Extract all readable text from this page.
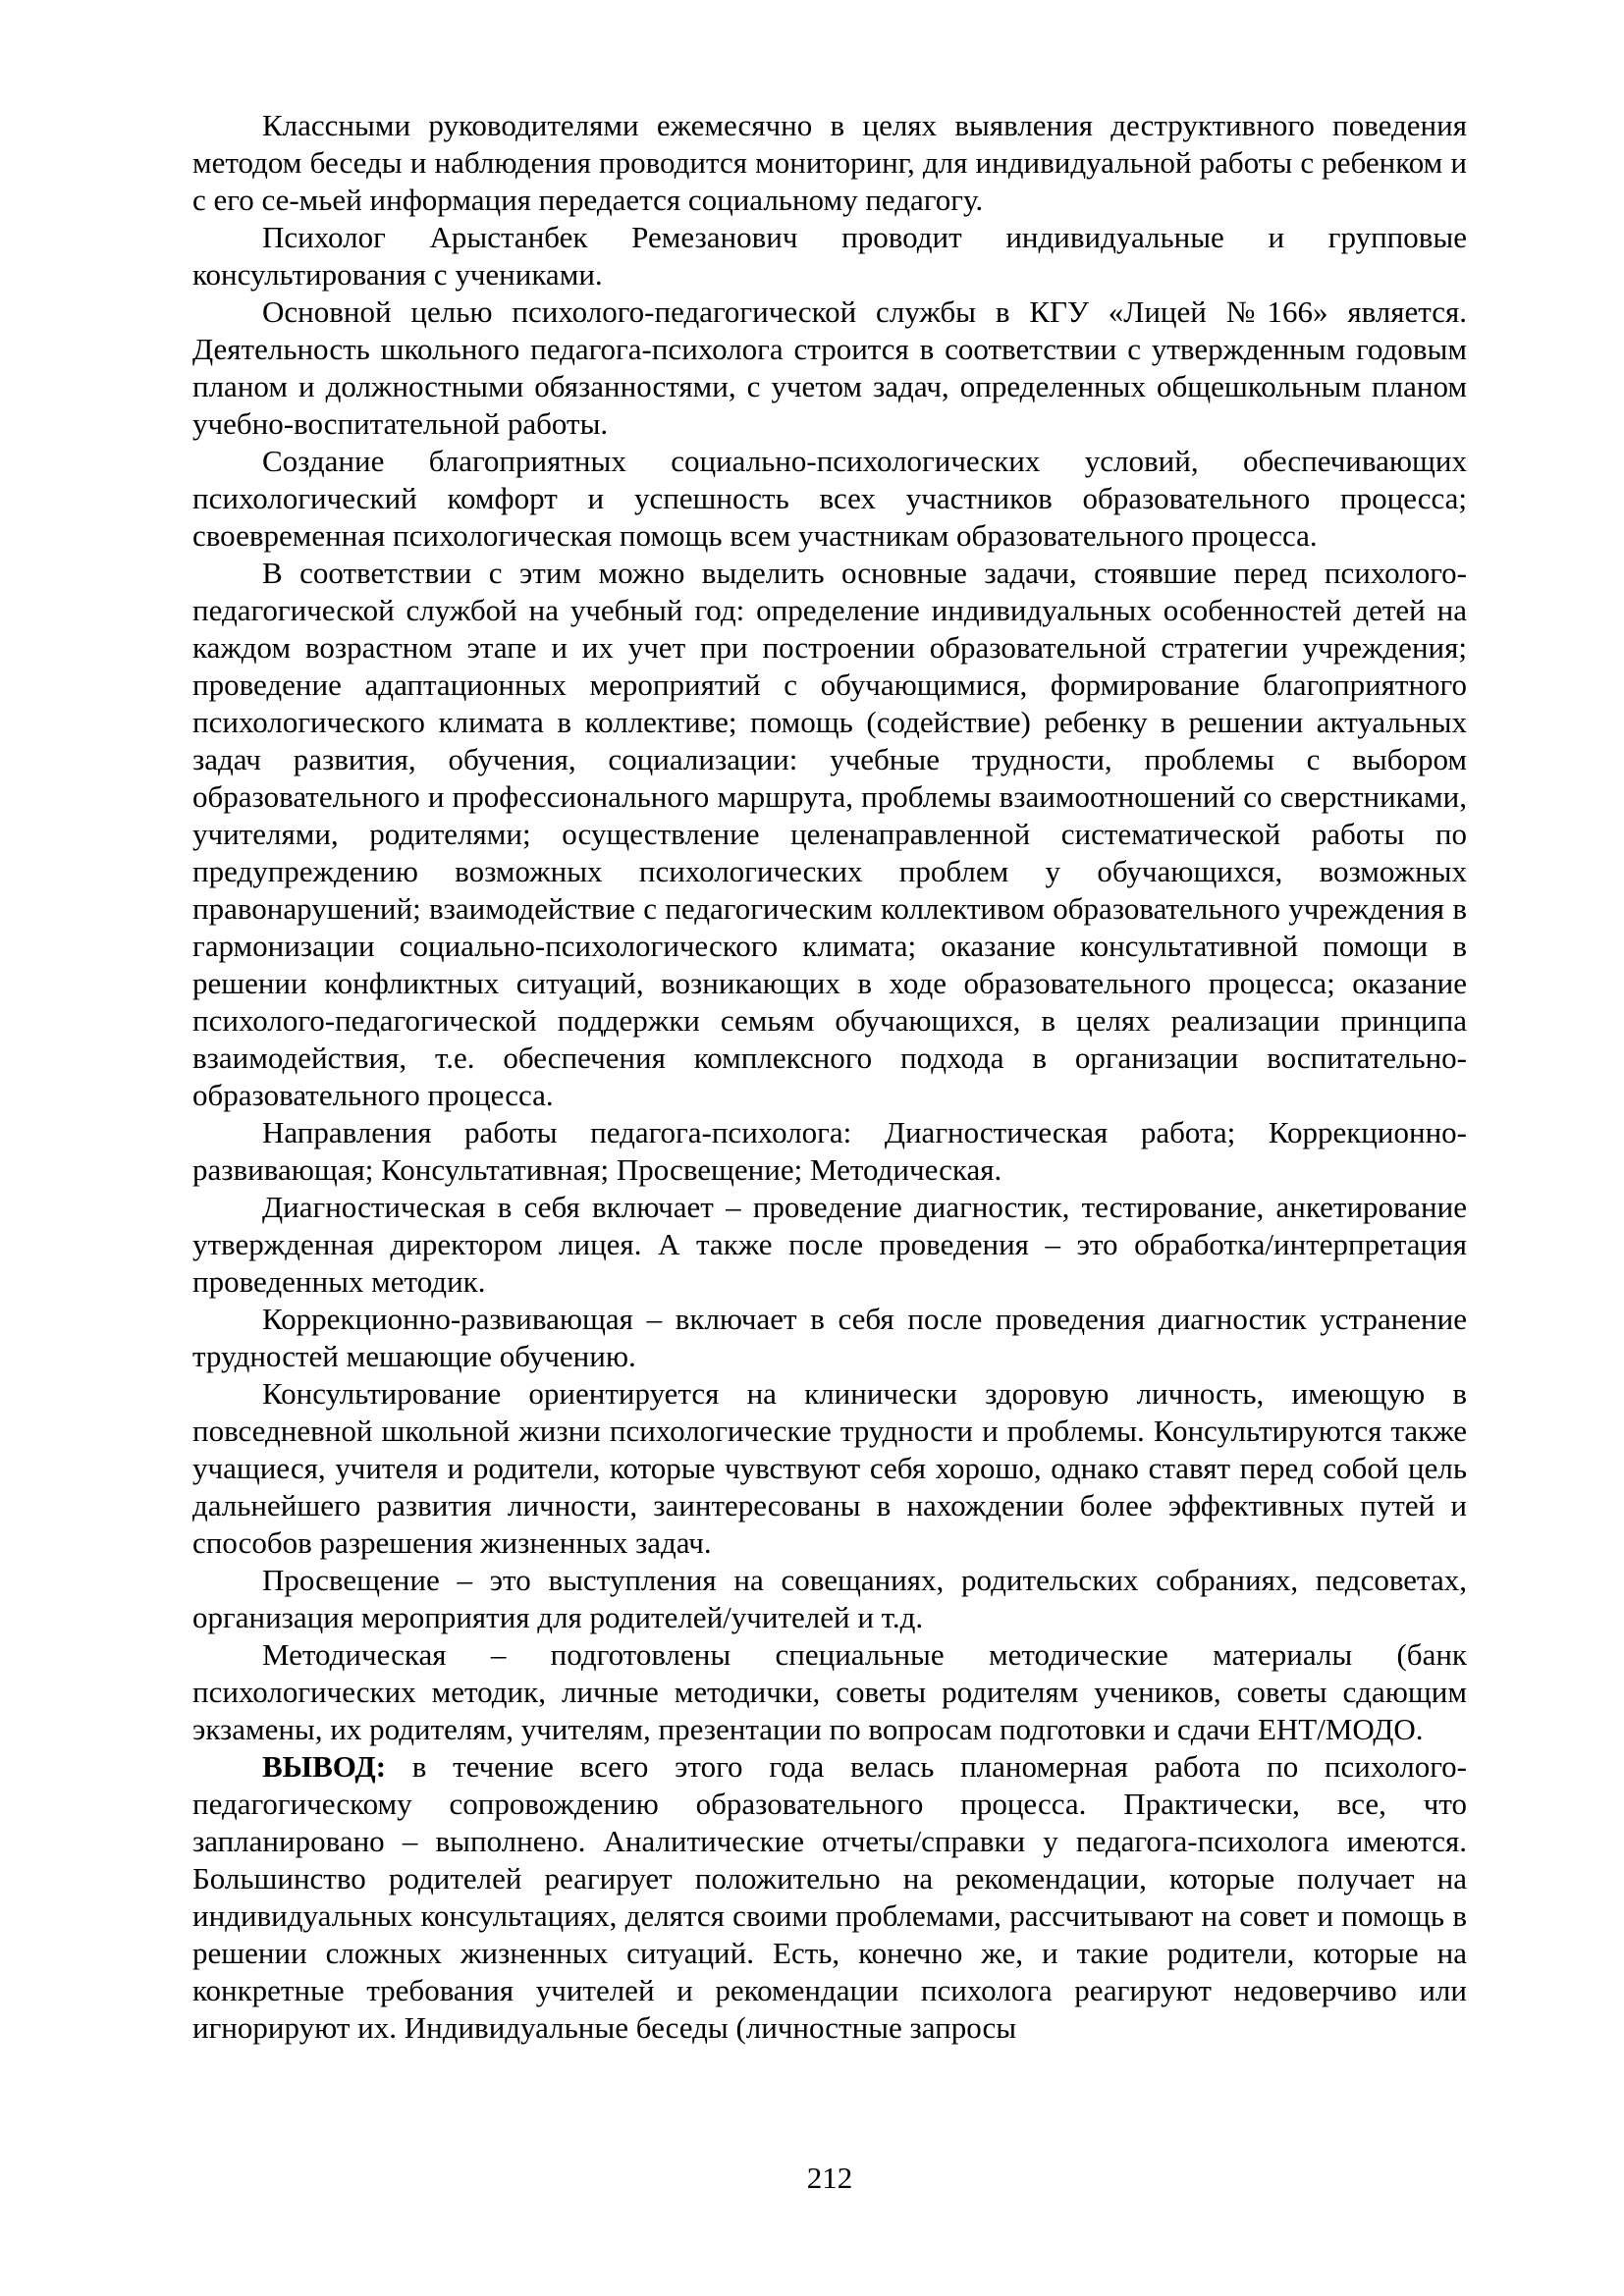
Классными руководителями ежемесячно в целях выявления деструктивного поведения методом беседы и наблюдения проводится мониторинг, для индивидуальной работы с ребенком и с его се-мьей информация передается социальному педагогу.

Психолог Арыстанбек Ремезанович проводит индивидуальные и групповые консультирования с учениками.

Основной целью психолого-педагогической службы в КГУ «Лицей №166» является. Деятельность школьного педагога-психолога строится в соответствии с утвержденным годовым планом и должностными обязанностями, с учетом задач, определенных общешкольным планом учебно-воспитательной работы.

Создание благоприятных социально-психологических условий, обеспечивающих психологический комфорт и успешность всех участников образовательного процесса; своевременная психологическая помощь всем участникам образовательного процесса.

В соответствии с этим можно выделить основные задачи, стоявшие перед психолого-педагогической службой на учебный год: определение индивидуальных особенностей детей на каждом возрастном этапе и их учет при построении образовательной стратегии учреждения; проведение адаптационных мероприятий с обучающимися, формирование благоприятного психологического климата в коллективе; помощь (содействие) ребенку в решении актуальных задач развития, обучения, социализации: учебные трудности, проблемы с выбором образовательного и профессионального маршрута, проблемы взаимоотношений со сверстниками, учителями, родителями; осуществление целенаправленной систематической работы по предупреждению возможных психологических проблем у обучающихся, возможных правонарушений; взаимодействие с педагогическим коллективом образовательного учреждения в гармонизации социально-психологического климата; оказание консультативной помощи в решении конфликтных ситуаций, возникающих в ходе образовательного процесса; оказание психолого-педагогической поддержки семьям обучающихся, в целях реализации принципа взаимодействия, т.е. обеспечения комплексного подхода в организации воспитательно-образовательного процесса.

Направления работы педагога-психолога: Диагностическая работа; Коррекционно-развивающая; Консультативная; Просвещение; Методическая.

Диагностическая в себя включает – проведение диагностик, тестирование, анкетирование утвержденная директором лицея. А также после проведения – это обработка/интерпретация проведенных методик.

Коррекционно-развивающая – включает в себя после проведения диагностик устранение трудностей мешающие обучению.

Консультирование ориентируется на клинически здоровую личность, имеющую в повседневной школьной жизни психологические трудности и проблемы. Консультируются также учащиеся, учителя и родители, которые чувствуют себя хорошо, однако ставят перед собой цель дальнейшего развития личности, заинтересованы в нахождении более эффективных путей и способов разрешения жизненных задач.

Просвещение – это выступления на совещаниях, родительских собраниях, педсоветах, организация мероприятия для родителей/учителей и т.д.

Методическая – подготовлены специальные методические материалы (банк психологических методик, личные методички, советы родителям учеников, советы сдающим экзамены, их родителям, учителям, презентации по вопросам подготовки и сдачи ЕНТ/МОДО.

ВЫВОД: в течение всего этого года велась планомерная работа по психолого-педагогическому сопровождению образовательного процесса. Практически, все, что запланировано – выполнено. Аналитические отчеты/справки у педагога-психолога имеются. Большинство родителей реагирует положительно на рекомендации, которые получает на индивидуальных консультациях, делятся своими проблемами, рассчитывают на совет и помощь в решении сложных жизненных ситуаций. Есть, конечно же, и такие родители, которые на конкретные требования учителей и рекомендации психолога реагируют недоверчиво или игнорируют их. Индивидуальные беседы (личностные запросы

212
